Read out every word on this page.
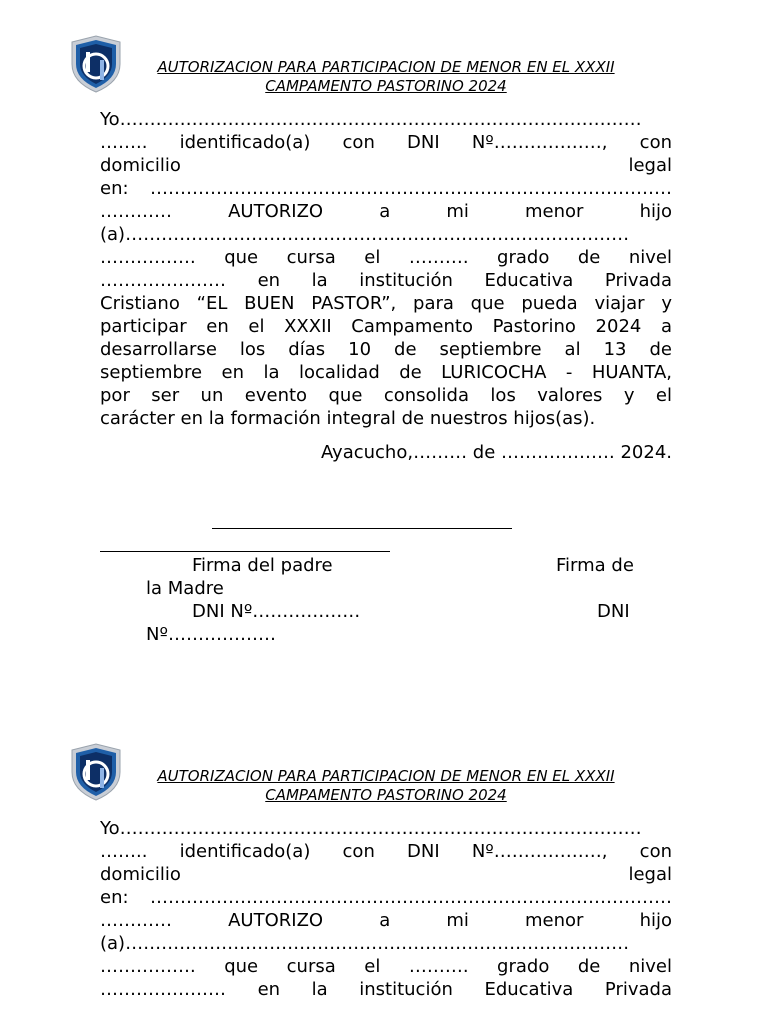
AUTORIZACION PARA PARTICIPACION DE MENOR EN EL XXXII
CAMPAMENTO PASTORINO 2024
Yo……………………………………………………………………………
…….. identificado(a) con DNI Nº………………, con
domicilio legal
en: ……………………………………………………………………………
………… AUTORIZO a mi menor hijo
(a)…………………………………………………………………………
……………. que cursa el ………. grado de nivel
………………… en la institución Educativa Privada
Cristiano “EL BUEN PASTOR”, para que pueda viajar y
participar en el XXXII Campamento Pastorino 2024 a
desarrollarse los días 10 de septiembre al 13 de
septiembre en la localidad de LURICOCHA - HUANTA,
por ser un evento que consolida los valores y el
carácter en la formación integral de nuestros hijos(as).
Ayacucho,……… de ………………. 2024.
Firma del padre	Firma de
la Madre
DNI Nº………………	DNI
Nº………………
AUTORIZACION PARA PARTICIPACION DE MENOR EN EL XXXII
CAMPAMENTO PASTORINO 2024
Yo……………………………………………………………………………
…….. identificado(a) con DNI Nº………………, con
domicilio legal
en: ……………………………………………………………………………
………… AUTORIZO a mi menor hijo
(a)…………………………………………………………………………
……………. que cursa el ………. grado de nivel
………………… en la institución Educativa Privada
